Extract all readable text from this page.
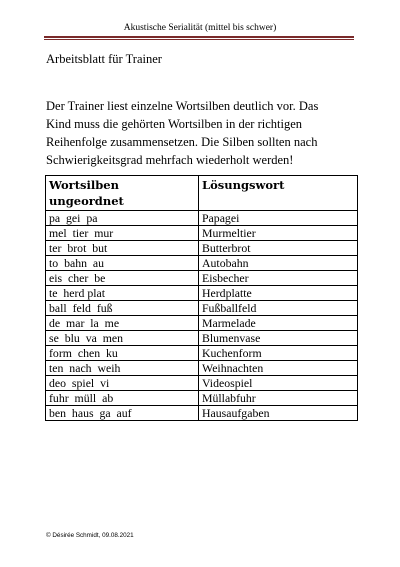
Akustische Serialität (mittel bis schwer)
Arbeitsblatt für Trainer
Der Trainer liest einzelne Wortsilben deutlich vor. Das
Kind muss die gehörten Wortsilben in der richtigen
Reihenfolge zusammensetzen. Die Silben sollten nach
Schwierigkeitsgrad mehrfach wiederholt werden!
Wortsilben ungeordnet	Lösungswort
pa  gei  pa	Papagei
mel  tier  mur	Murmeltier
ter  brot  but	Butterbrot
to  bahn  au	Autobahn
eis  cher  be	Eisbecher
te  herd plat	Herdplatte
ball  feld  fuß	Fußballfeld
de  mar  la  me	Marmelade
se  blu  va  men	Blumenvase
form  chen  ku	Kuchenform
ten  nach  weih	Weihnachten
deo  spiel  vi	Videospiel
fuhr  müll  ab	Müllabfuhr
ben  haus  ga  auf	Hausaufgaben
© Désirée Schmidt, 09.08.2021
